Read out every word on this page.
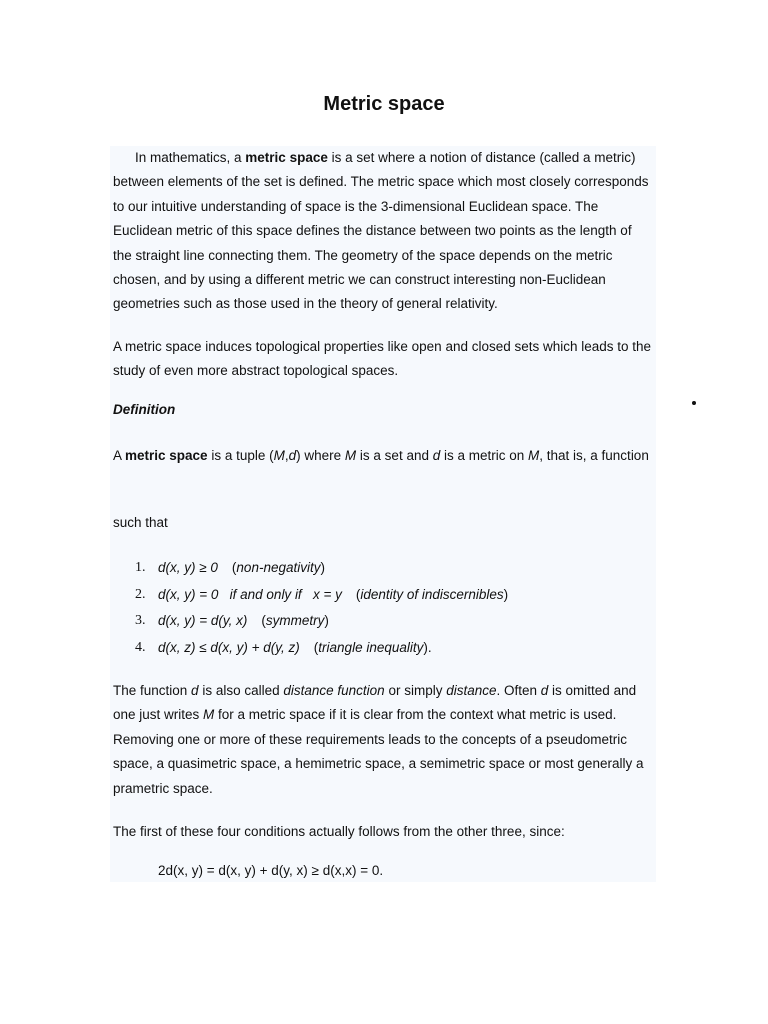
Metric space

In mathematics, a metric space is a set where a notion of distance (called a metric) between elements of the set is defined. The metric space which most closely corresponds to our intuitive understanding of space is the 3-dimensional Euclidean space. The Euclidean metric of this space defines the distance between two points as the length of the straight line connecting them. The geometry of the space depends on the metric chosen, and by using a different metric we can construct interesting non-Euclidean geometries such as those used in the theory of general relativity.

A metric space induces topological properties like open and closed sets which leads to the study of even more abstract topological spaces.

Definition

A metric space is a tuple (M,d) where M is a set and d is a metric on M, that is, a function

such that

1. d(x, y) ≥ 0 (non-negativity)
2. d(x, y) = 0   if and only if   x = y (identity of indiscernibles)
3. d(x, y) = d(y, x) (symmetry)
4. d(x, z) ≤ d(x, y) + d(y, z) (triangle inequality).

The function d is also called distance function or simply distance. Often d is omitted and one just writes M for a metric space if it is clear from the context what metric is used. Removing one or more of these requirements leads to the concepts of a pseudometric space, a quasimetric space, a hemimetric space, a semimetric space or most generally a prametric space.

The first of these four conditions actually follows from the other three, since:

2d(x, y) = d(x, y) + d(y, x) ≥ d(x,x) = 0.
